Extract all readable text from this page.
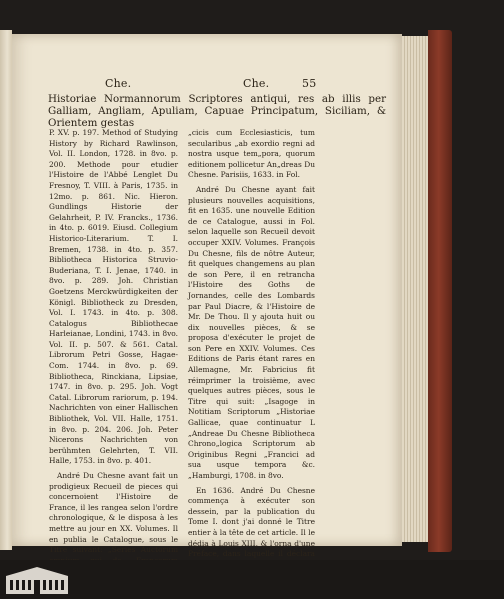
Che.	Che.	55
Historiae Normannorum Scriptores antiqui, res ab illis per Galliam, Angliam, Apuliam, Capuae Principatum, Siciliam, & Orientem gestas

P. XV. p. 197. Method of Studying History by Richard Rawlinson, Vol. II. London, 1728. in 8vo. p. 200. Methode pour etudier l'Histoire de l'Abbé Lenglet Du Fresnoy, T. VIII. à Paris, 1735. in 12mo. p. 861. Nic. Hieron. Gundlings Historie der Gelahrheit, P. IV. Francks., 1736. in 4to. p. 6019. Eiusd. Collegium Historico-Literarium. T. I. Bremen, 1738. in 4to. p. 357. Bibliotheca Historica Struvio-Buderiana, T. I. Jenae, 1740. in 8vo. p. 289. Joh. Christian Goetzens Merckwürdigkeiten der Königl. Bibliotheck zu Dresden, Vol. I. 1743. in 4to. p. 308. Catalogus Bibliothecae Harleianae, Londini, 1743. in 8vo. Vol. II. p. 507. & 561. Catal. Librorum Petri Gosse, Hagae-Com. 1744. in 8vo. p. 69. Bibliotheca, Rinckiana, Lipsiae, 1747. in 8vo. p. 295. Joh. Vogt Catal. Librorum rariorum, p. 194. Nachrichten von einer Hallischen Bibliothek, Vol. VII. Halle, 1751. in 8vo. p. 204. 206. Joh. Peter Nicerons Nachrichten von berühmten Gelehrten, T. VII. Halle, 1753. in 8vo. p. 401.

André Du Chesne avant fait un prodigieux Recueil de pieces qui concernoient l'Histoire de France, il les rangea selon l'ordre chronologique, & le disposa à les mettre au jour en XX. Volumes. Il en publia le Catalogue, sous le Titre suivant: „Series Auctorum

„cicis cum Ecclesiasticis, tum secularibus „ab exordio regni ad nostra usque tem„pora, quorum editionem pollicetur An„dreas Du Chesne. Parisiis, 1633. in Fol.

André Du Chesne ayant fait plusieurs nouvelles acquisitions, fit en 1635. une nouvelle Edition de ce Catalogue, aussi in Fol. selon laquelle son Recueil devoit occuper XXIV. Volumes. François Du Chesne, fils de nôtre Auteur, fit quelques changemens au plan de son Pere, il en retrancha l'Histoire des Goths de Jornandes, celle des Lombards par Paul Diacre, & l'Histoire de Mr. De Thou. Il y ajouta huit ou dix nouvelles pièces, & se proposa d'exécuter le projet de son Pere en XXIV. Volumes. Ces Editions de Paris étant rares en Allemagne, Mr. Fabricius fit réimprimer la troisième, avec quelques autres pièces, sous le Titre qui suit: „Isagoge in Notitiam Scriptorum „Historiae Gallicae, quae continuatur L „Andreae Du Chesne Bibliotheca Chrono„logica Scriptorum ab Originibus Regni „Francici ad sua usque tempora &c. „Hamburgi, 1708. in 8vo.

En 1636. André Du Chesne commença à exécuter son dessein, par la publication du Tome I. dont j'ai donné le Titre entier à la tête de cet article. Il le dédia à Louis XIII, & l'orna d'une Préface, dans laquelle il déclara
